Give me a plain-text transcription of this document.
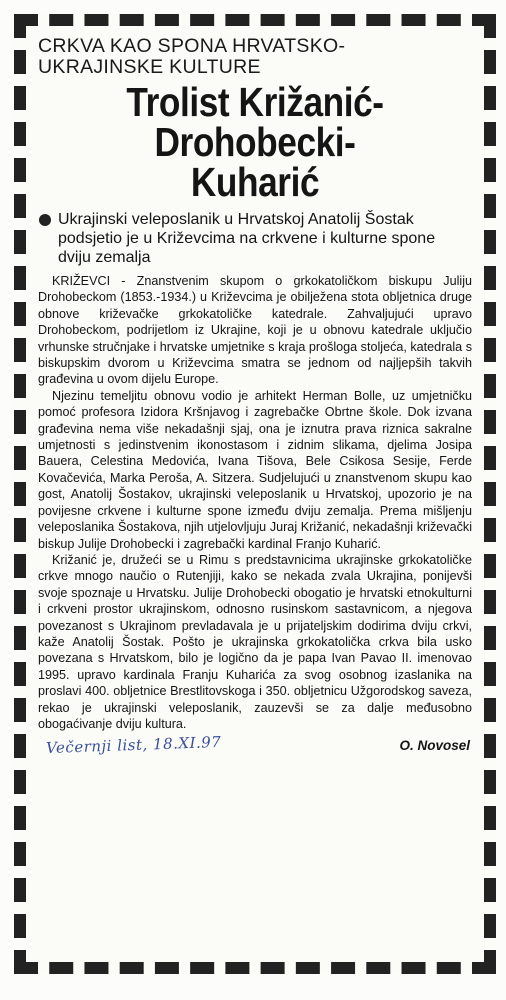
CRKVA KAO SPONA HRVATSKO-
UKRAJINSKE KULTURE
Trolist Križanić-
Drohobecki-
Kuharić
Ukrajinski veleposlanik u Hrvatskoj Anatolij Šostak podsjetio je u Križevcima na crkvene i kulturne spone dviju zemalja

KRIŽEVCI - Znanstvenim skupom o grkokatoličkom biskupu Juliju Drohobeckom (1853.-1934.) u Križevcima je obilježena stota obljetnica druge obnove križevačke grkokatoličke katedrale. Zahvaljujući upravo Drohobeckom, podrijetlom iz Ukrajine, koji je u obnovu katedrale uključio vrhunske stručnjake i hrvatske umjetnike s kraja prošloga stoljeća, katedrala s biskupskim dvorom u Križevcima smatra se jednom od najljepših takvih građevina u ovom dijelu Europe.

Njezinu temeljitu obnovu vodio je arhitekt Herman Bolle, uz umjetničku pomoć profesora Izidora Kršnjavog i zagrebačke Obrtne škole. Dok izvana građevina nema više nekadašnji sjaj, ona je iznutra prava riznica sakralne umjetnosti s jedinstvenim ikonostasom i zidnim slikama, djelima Josipa Bauera, Celestina Medovića, Ivana Tišova, Bele Csikosa Sesije, Ferde Kovačevića, Marka Peroša, A. Sitzera. Sudjelujući u znanstvenom skupu kao gost, Anatolij Šostakov, ukrajinski veleposlanik u Hrvatskoj, upozorio je na povijesne crkvene i kulturne spone između dviju zemalja. Prema mišljenju veleposlanika Šostakova, njih utjelovljuju Juraj Križanić, nekadašnji križevački biskup Julije Drohobecki i zagrebački kardinal Franjo Kuharić.

Križanić je, družeći se u Rimu s predstavnicima ukrajinske grkokatoličke crkve mnogo naučio o Rutenjiji, kako se nekada zvala Ukrajina, ponijevši svoje spoznaje u Hrvatsku. Julije Drohobecki obogatio je hrvatski etnokulturni i crkveni prostor ukrajinskom, odnosno rusinskom sastavnicom, a njegova povezanost s Ukrajinom prevladavala je u prijateljskim dodirima dviju crkvi, kaže Anatolij Šostak. Pošto je ukrajinska grkokatolička crkva bila usko povezana s Hrvatskom, bilo je logično da je papa Ivan Pavao II. imenovao 1995. upravo kardinala Franju Kuharića za svog osobnog izaslanika na proslavi 400. obljetnice Brestlitovskoga i 350. obljetnicu Užgorodskog saveza, rekao je ukrajinski veleposlanik, zauzevši se za dalje međusobno obogaćivanje dviju kultura.

Večernji list, 18.XI.97	O. Novosel
